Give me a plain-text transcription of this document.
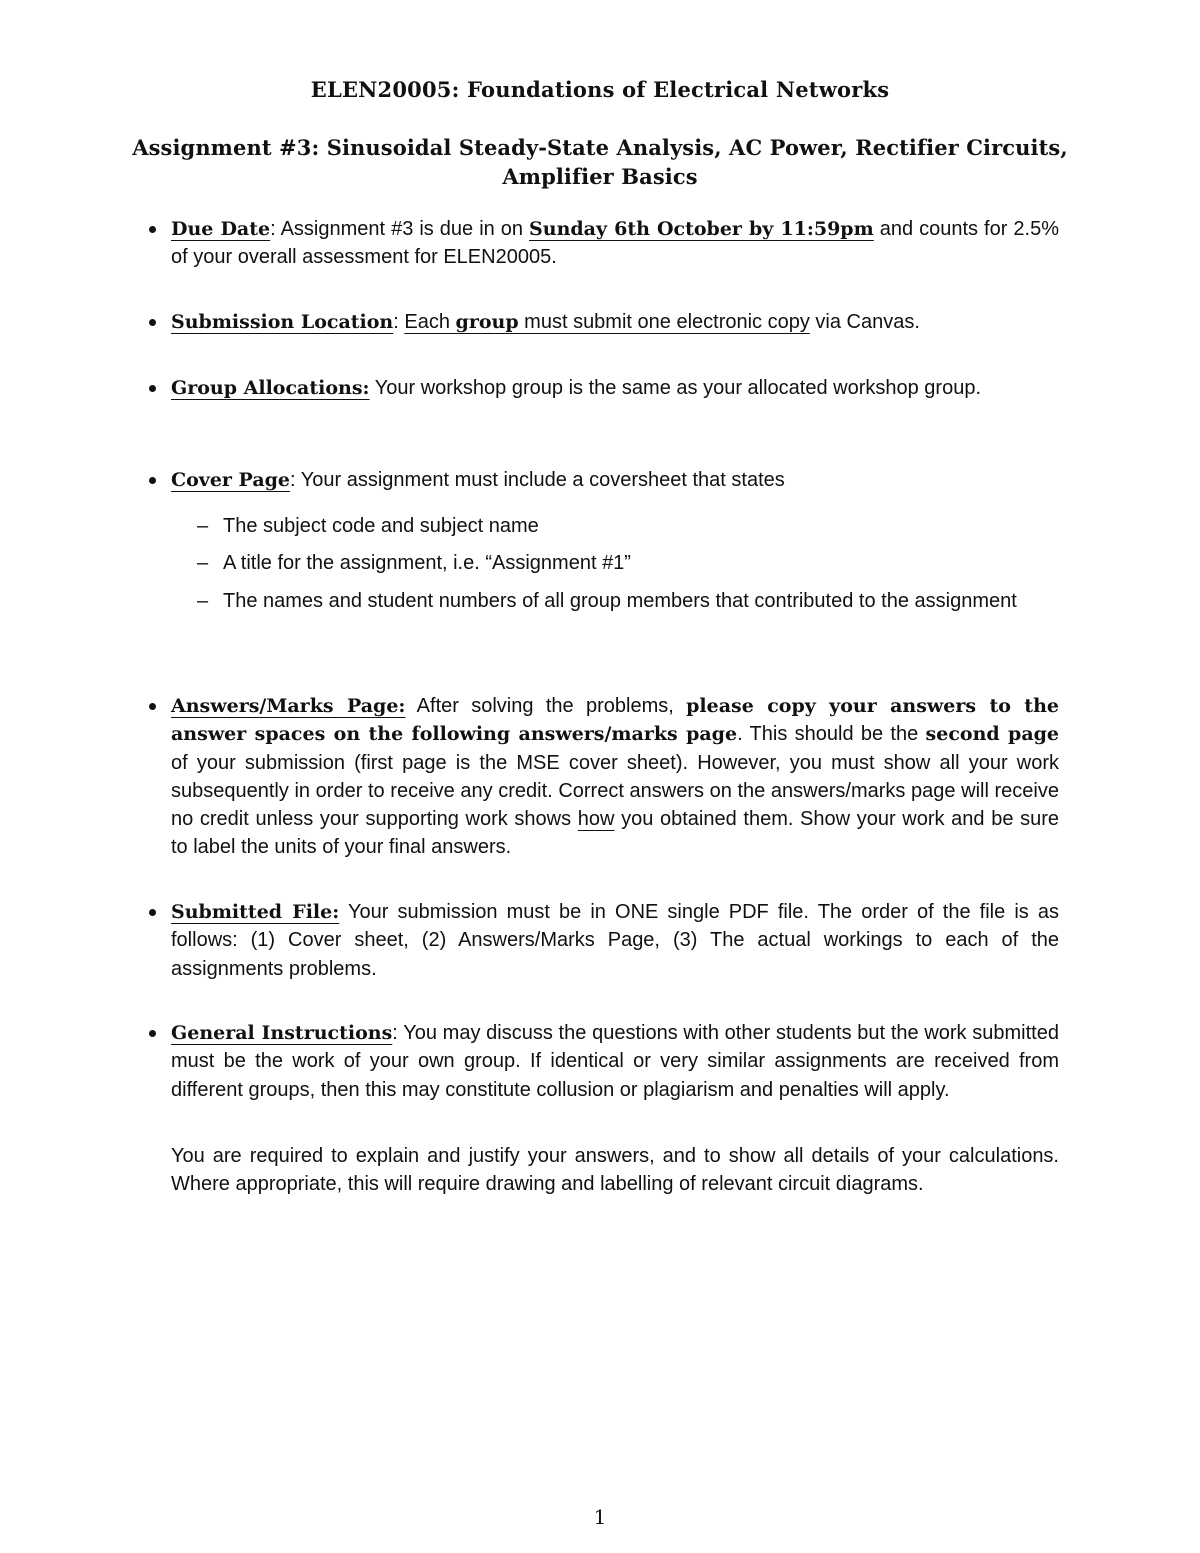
ELEN20005: Foundations of Electrical Networks
Assignment #3: Sinusoidal Steady-State Analysis, AC Power, Rectifier Circuits, Amplifier Basics
Due Date: Assignment #3 is due in on Sunday 6th October by 11:59pm and counts for 2.5% of your overall assessment for ELEN20005.
Submission Location: Each group must submit one electronic copy via Canvas.
Group Allocations: Your workshop group is the same as your allocated workshop group.
Cover Page: Your assignment must include a coversheet that states
– The subject code and subject name
– A title for the assignment, i.e. “Assignment #1”
– The names and student numbers of all group members that contributed to the assignment
Answers/Marks Page: After solving the problems, please copy your answers to the answer spaces on the following answers/marks page. This should be the second page of your submission (first page is the MSE cover sheet). However, you must show all your work subsequently in order to receive any credit. Correct answers on the answers/marks page will receive no credit unless your supporting work shows how you obtained them. Show your work and be sure to label the units of your final answers.
Submitted File: Your submission must be in ONE single PDF file. The order of the file is as follows: (1) Cover sheet, (2) Answers/Marks Page, (3) The actual workings to each of the assignments problems.
General Instructions: You may discuss the questions with other students but the work submitted must be the work of your own group. If identical or very similar assignments are received from different groups, then this may constitute collusion or plagiarism and penalties will apply.
You are required to explain and justify your answers, and to show all details of your calculations. Where appropriate, this will require drawing and labelling of relevant circuit diagrams.
1
